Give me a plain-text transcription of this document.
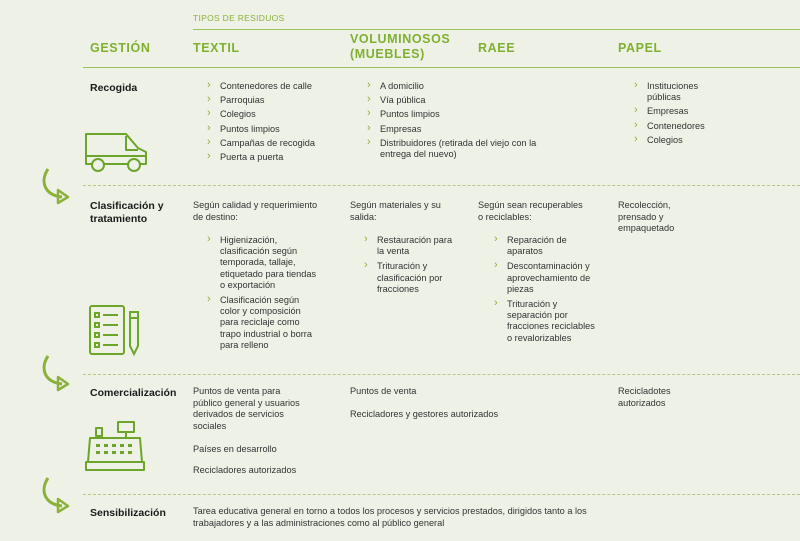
TIPOS DE RESIDUOS
GESTIÓN	TEXTIL
VOLUMINOSOS
(MUEBLES)	RAEE	PAPEL
Recogida
›	Contenedores de calle
› Parroquias
› Colegios
› Puntos limpios
› Campañas de recogida
› Puerta a puerta
› A domicilio
› Vía pública
› Puntos limpios
› Empresas
› Distribuidores (retirada del viejo con la entrega del nuevo)
› Instituciones públicas
› Empresas
› Contenedores
› Colegios
Clasificación y tratamiento
Según calidad y requerimiento de destino:
› Higienización, clasificación según temporada, tallaje, etiquetado para tiendas o exportación
› Clasificación según color y composición para reciclaje como trapo industrial o borra para relleno
Según materiales y su salida:
› Restauración para la venta
› Trituración y clasificación por fracciones
Según sean recuperables o reciclables:
› Reparación de aparatos
› Descontaminación y aprovechamiento de piezas
› Trituración y separación por fracciones reciclables o revalorizables
Recolección, prensado y empaquetado
Comercialización Puntos de venta para público general y usuarios derivados de servicios sociales
Países en desarrollo
Recicladores autorizados
Puntos de venta
Recicladores y gestores autorizados
Recicladotes autorizados
Sensibilización	Tarea educativa general en torno a todos los procesos y servicios prestados, dirigidos tanto a los trabajadores y a las administraciones como al público general
